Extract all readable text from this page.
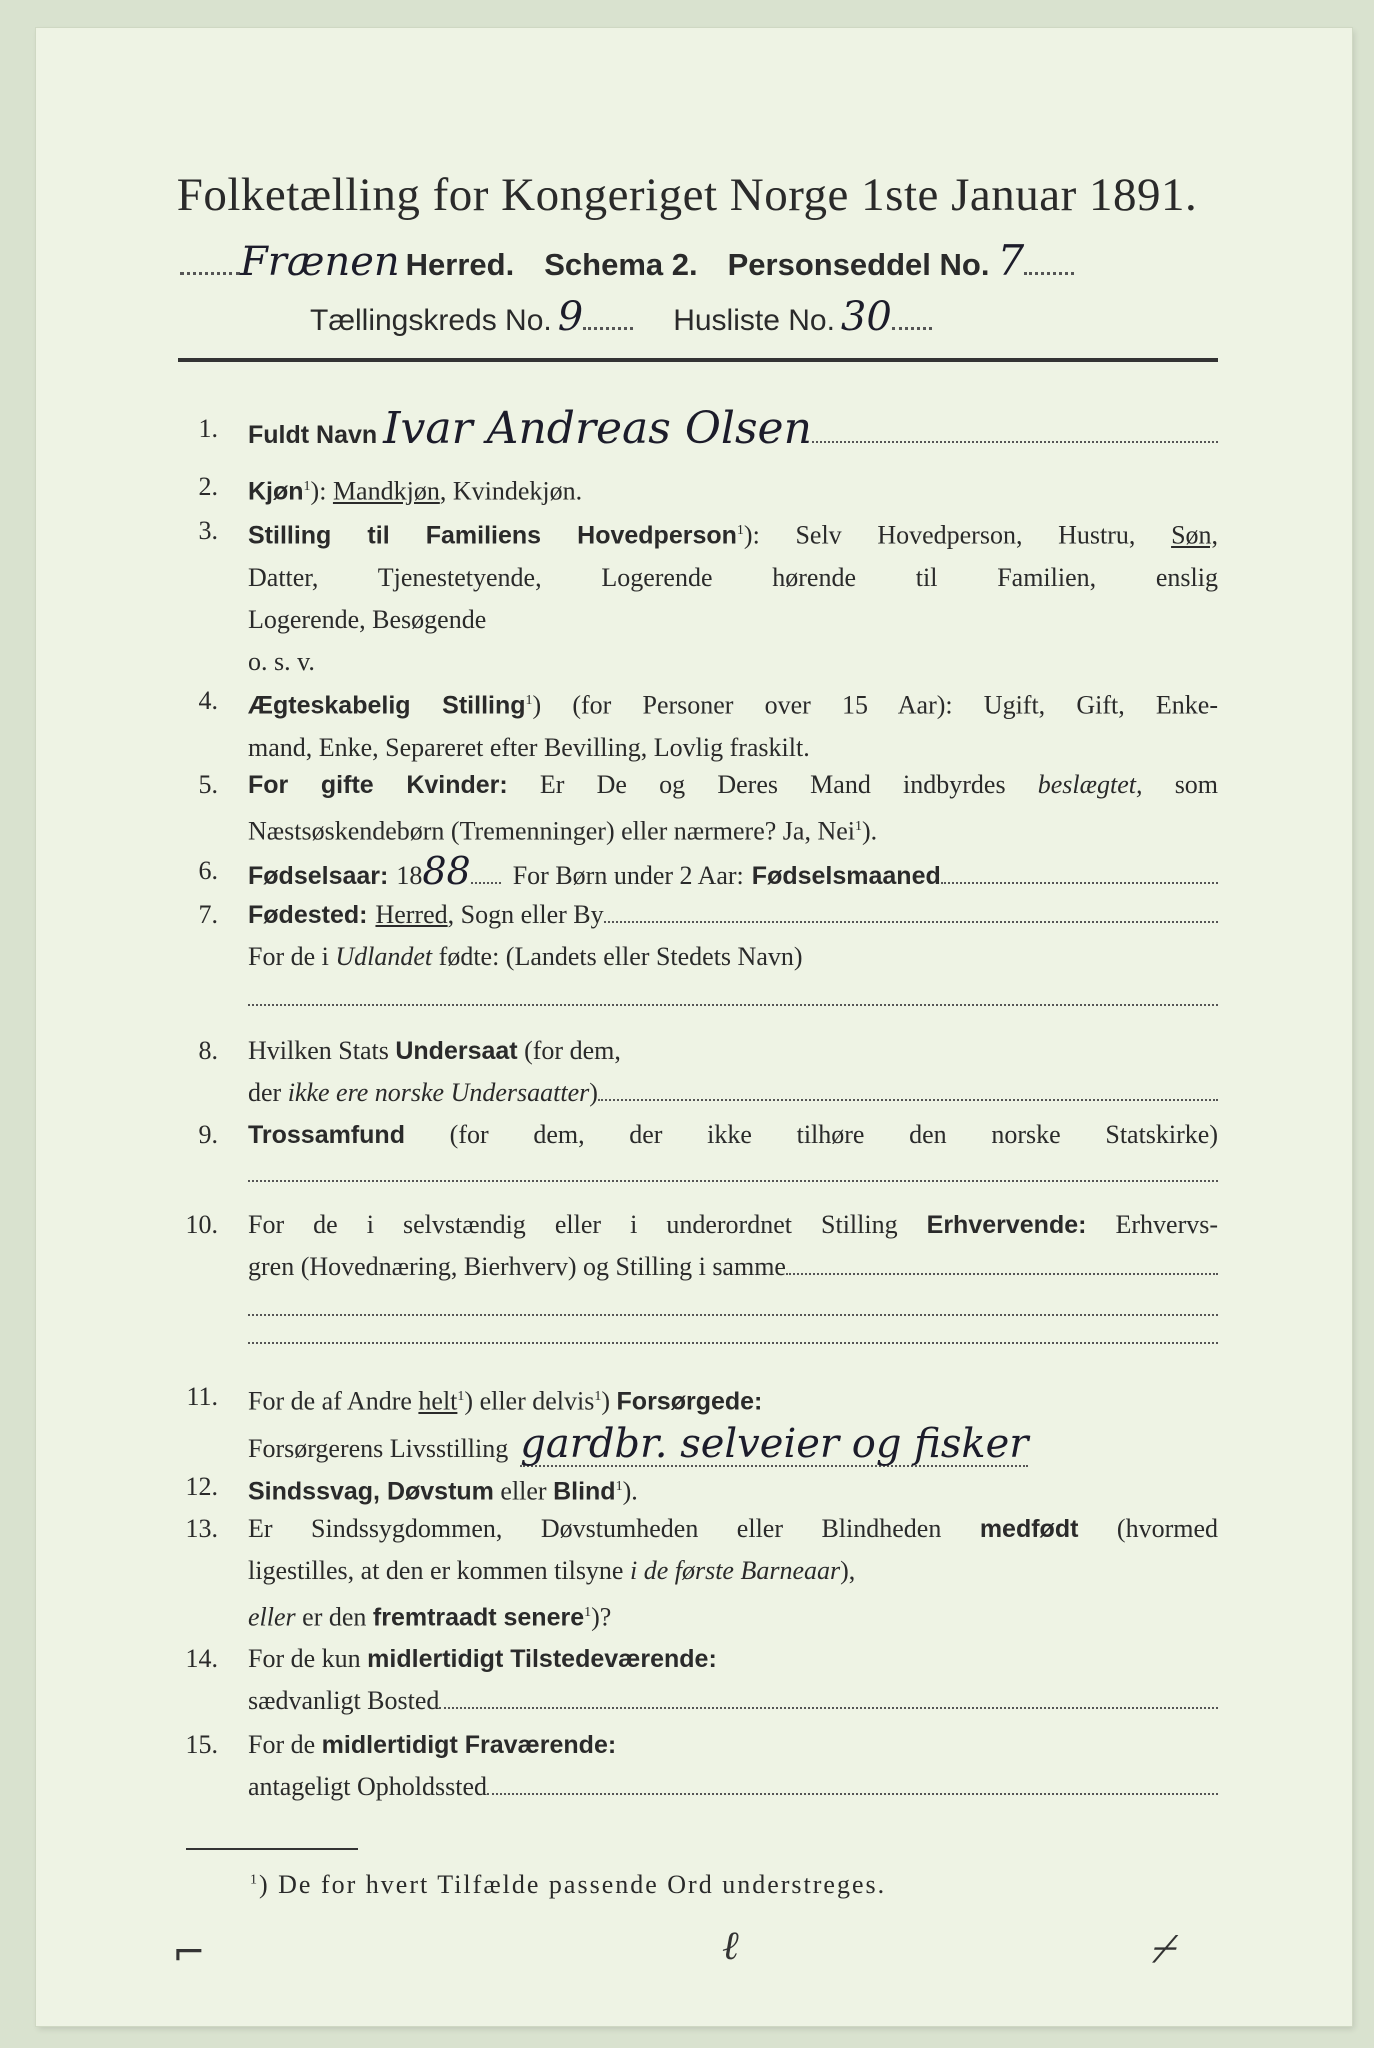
Folketælling for Kongeriget Norge 1ste Januar 1891.
Frænen Herred. Schema 2. Personseddel No. 7
Tællingskreds No. 9	Husliste No. 30
1. Fuldt Navn Ivar Andreas Olsen
2. Kjøn$^1$): Mandkjøn, Kvindekjøn.
3. Stilling til Familiens Hovedperson$^1$): Selv Hovedperson, Hustru, Søn,
Datter, Tjenestetyende, Logerende hørende til Familien, enslig
Logerende, Besøgende
o. s. v.
4. Ægteskabelig Stilling$^1$) (for Personer over 15 Aar): Ugift, Gift, Enke-
mand, Enke, Separeret efter Bevilling, Lovlig fraskilt.
5. For gifte Kvinder: Er De og Deres Mand indbyrdes beslægtet, som
Næstsøskendebørn (Tremenninger) eller nærmere? Ja, Nei$^1$).
6. Fødselsaar: 18 88 For Børn under 2 Aar: Fødselsmaaned
7. Fødested: Herred , Sogn eller By
For de i Udlandet fødte: (Landets eller Stedets Navn)
8. Hvilken Stats Undersaat (for dem,
der
ikke ere norske Undersaatter )
9. Trossamfund (for dem, der ikke tilhøre den norske Statskirke)
10. For de i selvstændig eller i underordnet Stilling Erhvervende: Erhvervs-
gren (Hovednæring, Bierhverv) og Stilling i samme
11. For de af Andre helt$^1$) eller delvis$^1$) Forsørgede:
Forsørgerens Livsstilling gardbr. selveier og fisker
12. Sindssvag, Døvstum eller Blind$^1$).
13. Er Sindssygdommen, Døvstumheden eller Blindheden medfødt (hvormed
ligestilles, at den er kommen tilsyne i de første Barneaar),
eller er den fremtraadt senere$^1$)?
14. For de kun midlertidigt Tilstedeværende:
sædvanligt Bosted
15. For de midlertidigt Fraværende:
antageligt Opholdssted
$^1$) De for hvert Tilfælde passende Ord understreges.
⌐	ℓ	⌿
